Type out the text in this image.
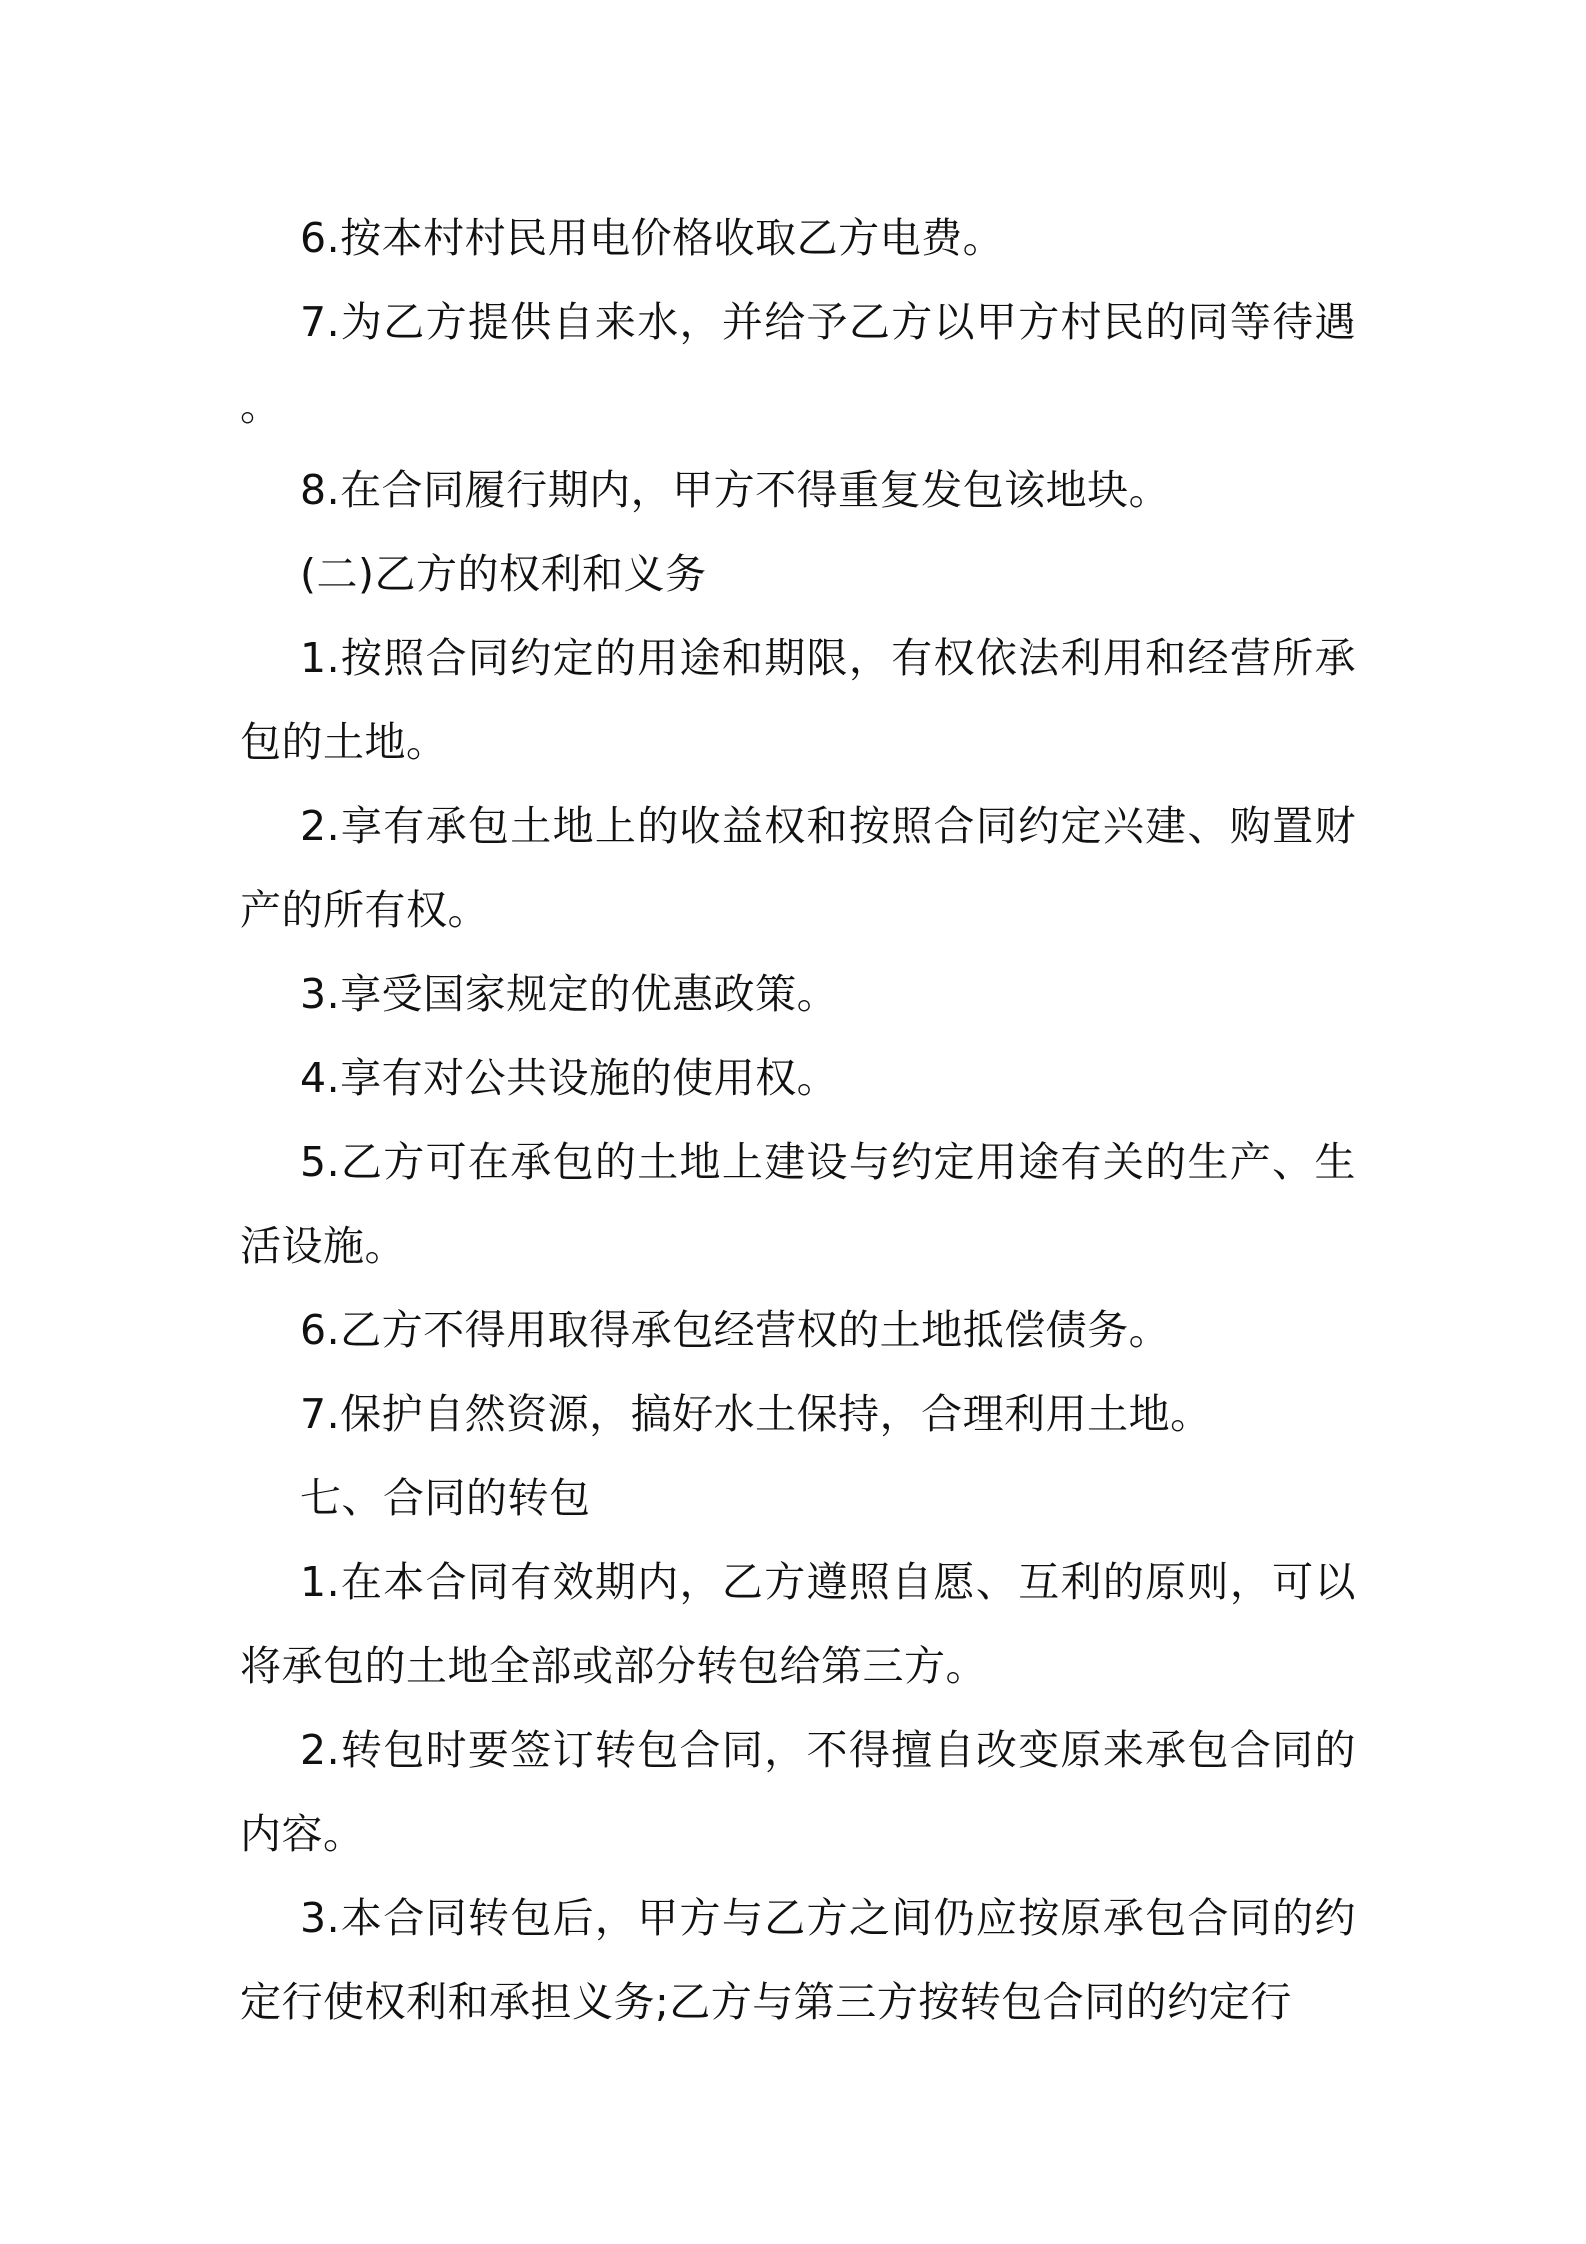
6.按本村村民用电价格收取乙方电费。

7.为乙方提供自来水，并给予乙方以甲方村民的同等待遇。

8.在合同履行期内，甲方不得重复发包该地块。

(二)乙方的权利和义务

1.按照合同约定的用途和期限，有权依法利用和经营所承包的土地。

2.享有承包土地上的收益权和按照合同约定兴建、购置财产的所有权。

3.享受国家规定的优惠政策。

4.享有对公共设施的使用权。

5.乙方可在承包的土地上建设与约定用途有关的生产、生活设施。

6.乙方不得用取得承包经营权的土地抵偿债务。

7.保护自然资源，搞好水土保持，合理利用土地。

七、合同的转包

1.在本合同有效期内，乙方遵照自愿、互利的原则，可以将承包的土地全部或部分转包给第三方。

2.转包时要签订转包合同，不得擅自改变原来承包合同的内容。

3.本合同转包后，甲方与乙方之间仍应按原承包合同的约定行使权利和承担义务;乙方与第三方按转包合同的约定行
